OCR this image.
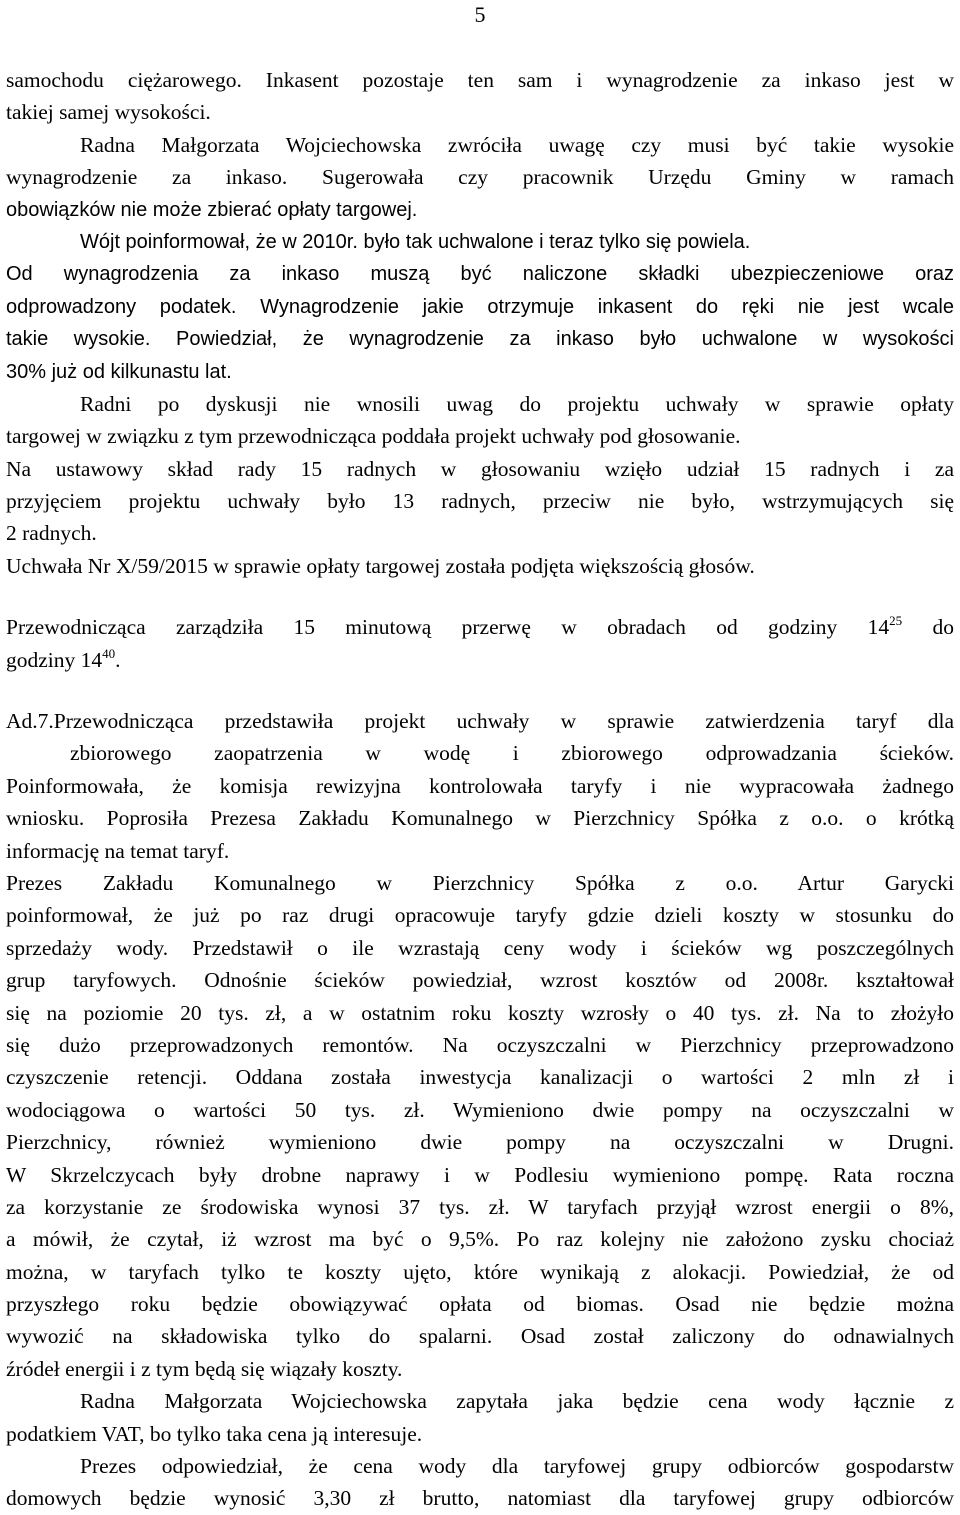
5
samochodu ciężarowego. Inkasent pozostaje ten sam i wynagrodzenie za inkaso jest w
takiej samej wysokości.
Radna Małgorzata Wojciechowska zwróciła uwagę czy musi być takie wysokie
wynagrodzenie za inkaso. Sugerowała czy pracownik Urzędu Gminy w ramach
obowiązków nie może zbierać opłaty targowej.
Wójt poinformował, że w 2010r. było tak uchwalone i teraz tylko się powiela.
Od wynagrodzenia za inkaso muszą być naliczone składki ubezpieczeniowe oraz
odprowadzony podatek. Wynagrodzenie jakie otrzymuje inkasent do ręki nie jest wcale
takie wysokie. Powiedział, że wynagrodzenie za inkaso było uchwalone w wysokości
30% już od kilkunastu lat.
Radni po dyskusji nie wnosili uwag do projektu uchwały w sprawie opłaty
targowej w związku z tym przewodnicząca poddała projekt uchwały pod głosowanie.
Na ustawowy skład rady 15 radnych w głosowaniu wzięło udział 15 radnych i za
przyjęciem projektu uchwały było 13 radnych, przeciw nie było, wstrzymujących się
2 radnych.
Uchwała Nr X/59/2015 w sprawie opłaty targowej została podjęta większością głosów.
Przewodnicząca zarządziła 15 minutową przerwę w obradach od godziny $14^{25}$ do
godziny $14^{40}$.
Ad.7.Przewodnicząca przedstawiła projekt uchwały w sprawie zatwierdzenia taryf dla
zbiorowego zaopatrzenia w wodę i zbiorowego odprowadzania ścieków.
Poinformowała, że komisja rewizyjna kontrolowała taryfy i nie wypracowała żadnego
wniosku. Poprosiła Prezesa Zakładu Komunalnego w Pierzchnicy Spółka z o.o. o krótką
informację na temat taryf.
Prezes Zakładu Komunalnego w Pierzchnicy Spółka z o.o. Artur Garycki
poinformował, że już po raz drugi opracowuje taryfy gdzie dzieli koszty w stosunku do
sprzedaży wody. Przedstawił o ile wzrastają ceny wody i ścieków wg poszczególnych
grup taryfowych. Odnośnie ścieków powiedział, wzrost kosztów od 2008r. kształtował
się na poziomie 20 tys. zł, a w ostatnim roku koszty wzrosły o 40 tys. zł. Na to złożyło
się dużo przeprowadzonych remontów. Na oczyszczalni w Pierzchnicy przeprowadzono
czyszczenie retencji. Oddana została inwestycja kanalizacji o wartości 2 mln zł i
wodociągowa o wartości 50 tys. zł. Wymieniono dwie pompy na oczyszczalni w
Pierzchnicy, również wymieniono dwie pompy na oczyszczalni w Drugni.
W Skrzelczycach były drobne naprawy i w Podlesiu wymieniono pompę. Rata roczna
za korzystanie ze środowiska wynosi 37 tys. zł. W taryfach przyjął wzrost energii o 8%,
a mówił, że czytał, iż wzrost ma być o 9,5%. Po raz kolejny nie założono zysku chociaż
można, w taryfach tylko te koszty ujęto, które wynikają z alokacji. Powiedział, że od
przyszłego roku będzie obowiązywać opłata od biomas. Osad nie będzie można
wywozić na składowiska tylko do spalarni. Osad został zaliczony do odnawialnych
źródeł energii i z tym będą się wiązały koszty.
Radna Małgorzata Wojciechowska zapytała jaka będzie cena wody łącznie z
podatkiem VAT, bo tylko taka cena ją interesuje.
Prezes odpowiedział, że cena wody dla taryfowej grupy odbiorców gospodarstw
domowych będzie wynosić 3,30 zł brutto, natomiast dla taryfowej grupy odbiorców
